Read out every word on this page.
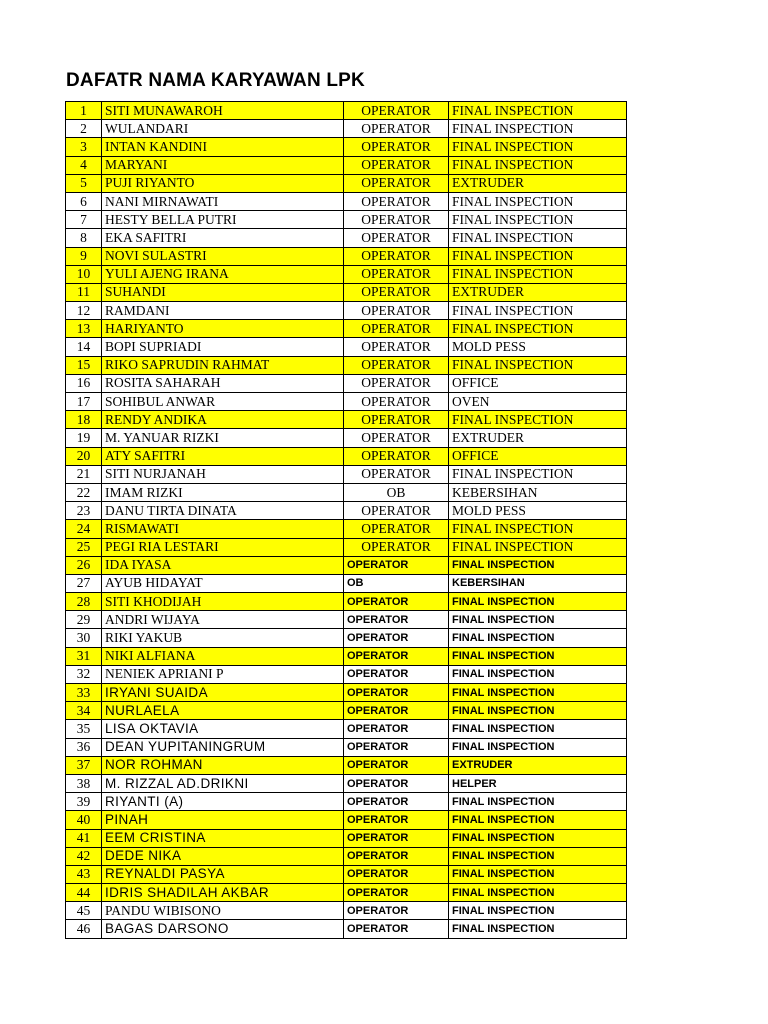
DAFATR NAMA KARYAWAN LPK
1	SITI MUNAWAROH	OPERATOR	FINAL INSPECTION
2	WULANDARI	OPERATOR	FINAL INSPECTION
3	INTAN KANDINI	OPERATOR	FINAL INSPECTION
4	MARYANI	OPERATOR	FINAL INSPECTION
5	PUJI RIYANTO	OPERATOR	EXTRUDER
6	NANI MIRNAWATI	OPERATOR	FINAL INSPECTION
7	HESTY BELLA PUTRI	OPERATOR	FINAL INSPECTION
8	EKA SAFITRI	OPERATOR	FINAL INSPECTION
9	NOVI SULASTRI	OPERATOR	FINAL INSPECTION
10	YULI AJENG IRANA	OPERATOR	FINAL INSPECTION
11	SUHANDI	OPERATOR	EXTRUDER
12	RAMDANI	OPERATOR	FINAL INSPECTION
13	HARIYANTO	OPERATOR	FINAL INSPECTION
14	BOPI SUPRIADI	OPERATOR	MOLD PESS
15	RIKO SAPRUDIN RAHMAT	OPERATOR	FINAL INSPECTION
16	ROSITA SAHARAH	OPERATOR	OFFICE
17	SOHIBUL ANWAR	OPERATOR	OVEN
18	RENDY ANDIKA	OPERATOR	FINAL INSPECTION
19	M. YANUAR RIZKI	OPERATOR	EXTRUDER
20	ATY SAFITRI	OPERATOR	OFFICE
21	SITI NURJANAH	OPERATOR	FINAL INSPECTION
22	IMAM RIZKI	OB	KEBERSIHAN
23	DANU TIRTA DINATA	OPERATOR	MOLD PESS
24	RISMAWATI	OPERATOR	FINAL INSPECTION
25	PEGI RIA LESTARI	OPERATOR	FINAL INSPECTION
26	IDA IYASA	OPERATOR	FINAL INSPECTION
27	AYUB HIDAYAT	OB	KEBERSIHAN
28	SITI KHODIJAH	OPERATOR	FINAL INSPECTION
29	ANDRI WIJAYA	OPERATOR	FINAL INSPECTION
30	RIKI YAKUB	OPERATOR	FINAL INSPECTION
31	NIKI ALFIANA	OPERATOR	FINAL INSPECTION
32	NENIEK APRIANI P	OPERATOR	FINAL INSPECTION
33	IRYANI SUAIDA	OPERATOR	FINAL INSPECTION
34	NURLAELA	OPERATOR	FINAL INSPECTION
35	LISA OKTAVIA	OPERATOR	FINAL INSPECTION
36	DEAN YUPITANINGRUM	OPERATOR	FINAL INSPECTION
37	NOR ROHMAN	OPERATOR	EXTRUDER
38	M. RIZZAL AD.DRIKNI	OPERATOR	HELPER
39	RIYANTI (A)	OPERATOR	FINAL INSPECTION
40	PINAH	OPERATOR	FINAL INSPECTION
41	EEM CRISTINA	OPERATOR	FINAL INSPECTION
42	DEDE NIKA	OPERATOR	FINAL INSPECTION
43	REYNALDI PASYA	OPERATOR	FINAL INSPECTION
44	IDRIS SHADILAH AKBAR	OPERATOR	FINAL INSPECTION
45	PANDU WIBISONO	OPERATOR	FINAL INSPECTION
46	BAGAS DARSONO	OPERATOR	FINAL INSPECTION
